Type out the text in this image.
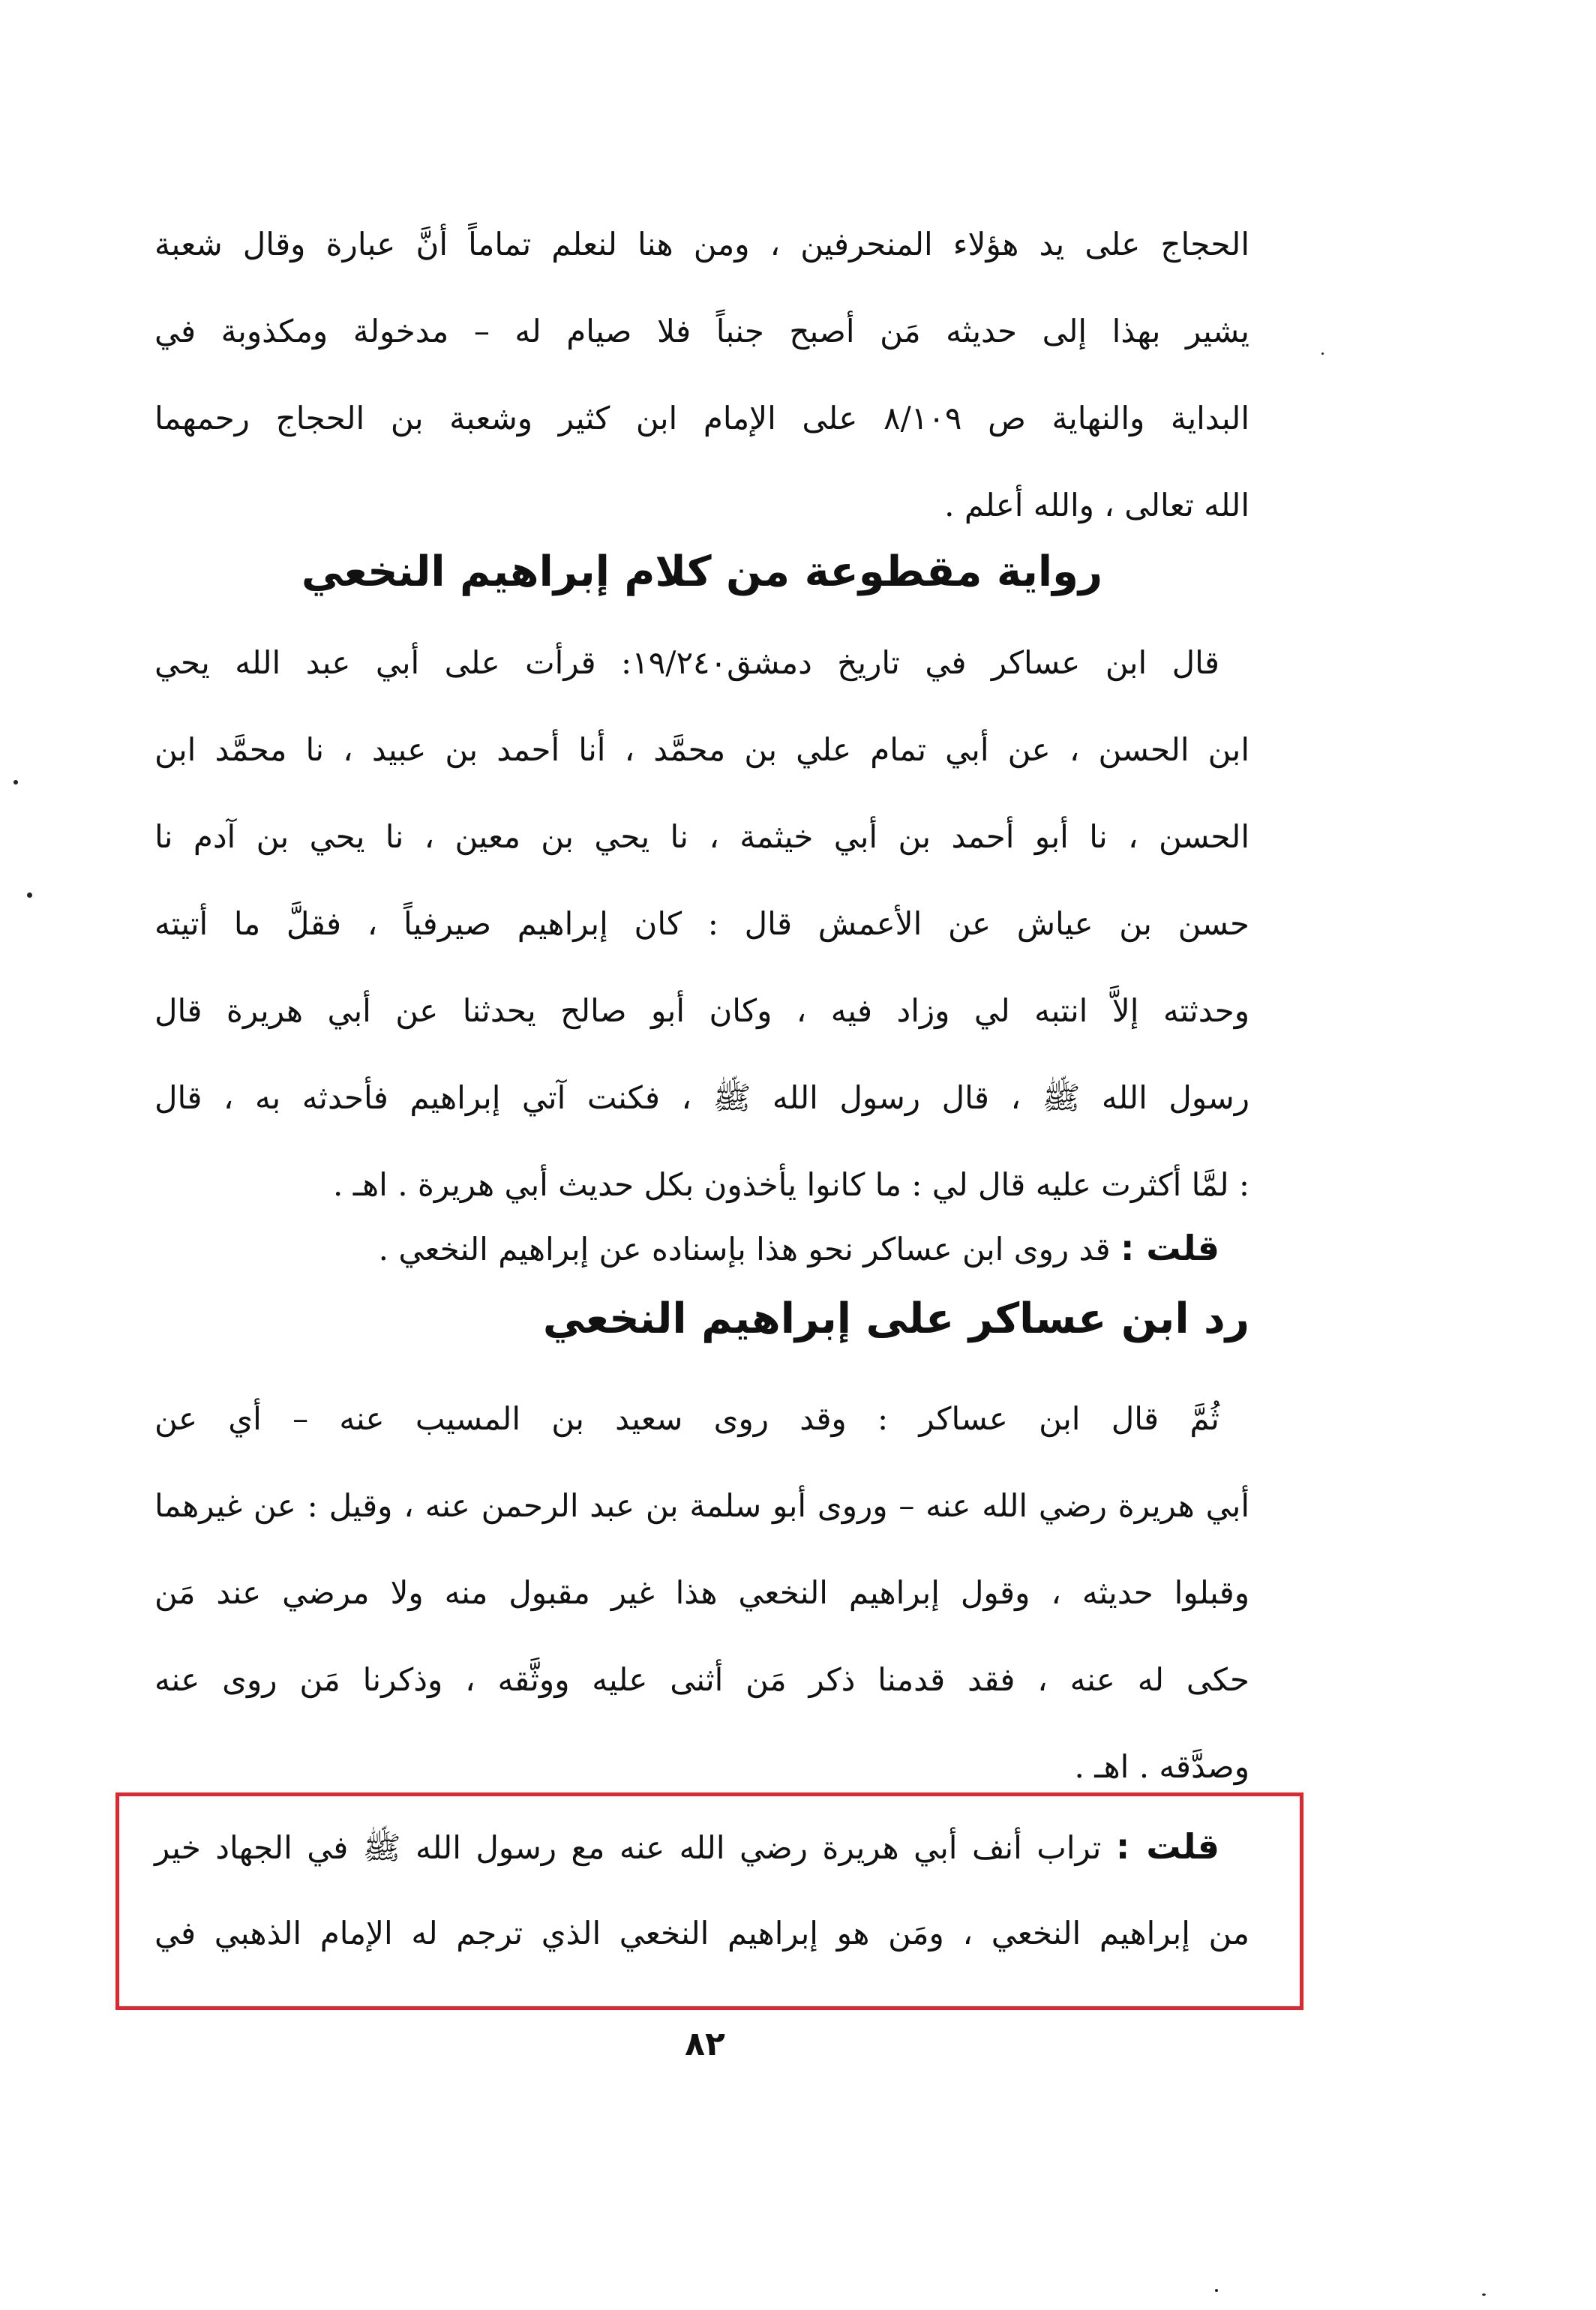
الحجاج على يد هؤلاء المنحرفين ، ومن هنا لنعلم تماماً أنَّ عبارة وقال شعبة
يشير بهذا إلى حديثه مَن أصبح جنباً فلا صيام له – مدخولة ومكذوبة في
البداية والنهاية ص ٨/١٠٩ على الإمام ابن كثير وشعبة بن الحجاج رحمهما
الله تعالى ، والله أعلم .
رواية مقطوعة من كلام إبراهيم النخعي
قال ابن عساكر في تاريخ دمشق١٩/٢٤٠: قرأت على أبي عبد الله يحي
ابن الحسن ، عن أبي تمام علي بن محمَّد ، أنا أحمد بن عبيد ، نا محمَّد ابن
الحسن ، نا أبو أحمد بن أبي خيثمة ، نا يحي بن معين ، نا يحي بن آدم نا
حسن بن عياش عن الأعمش قال : كان إبراهيم صيرفياً ، فقلَّ ما أتيته
وحدثته إلاَّ انتبه لي وزاد فيه ، وكان أبو صالح يحدثنا عن أبي هريرة قال
رسول الله ﷺ ، قال رسول الله ﷺ ، فكنت آتي إبراهيم فأحدثه به ، قال
: لمَّا أكثرت عليه قال لي : ما كانوا يأخذون بكل حديث أبي هريرة . اهـ .
قلت : قد روى ابن عساكر نحو هذا بإسناده عن إبراهيم النخعي .
رد ابن عساكر على إبراهيم النخعي
ثُمَّ قال ابن عساكر : وقد روى سعيد بن المسيب عنه – أي عن
أبي هريرة رضي الله عنه – وروى أبو سلمة بن عبد الرحمن عنه ، وقيل : عن غيرهما
وقبلوا حديثه ، وقول إبراهيم النخعي هذا غير مقبول منه ولا مرضي عند مَن
حكى له عنه ، فقد قدمنا ذكر مَن أثنى عليه ووثَّقه ، وذكرنا مَن روى عنه
وصدَّقه . اهـ .
قلت : تراب أنف أبي هريرة رضي الله عنه مع رسول الله ﷺ في الجهاد خير
من إبراهيم النخعي ، ومَن هو إبراهيم النخعي الذي ترجم له الإمام الذهبي في
٨٢
